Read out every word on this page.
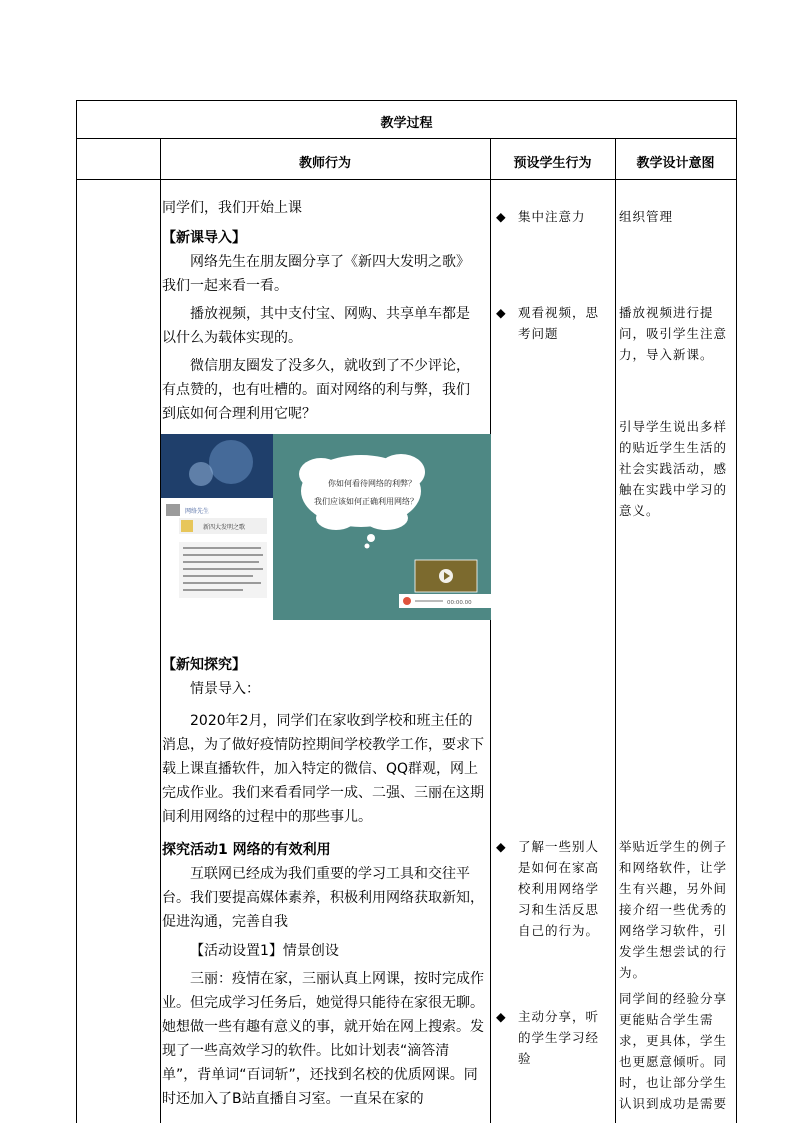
教学过程
教师行为	预设学生行为	教学设计意图

同学们，我们开始上课

【新课导入】

网络先生在朋友圈分享了《新四大发明之歌》我们一起来看一看。

播放视频，其中支付宝、网购、共享单车都是以什么为载体实现的。

微信朋友圈发了没多久，就收到了不少评论，有点赞的，也有吐槽的。面对网络的利与弊，我们到底如何合理利用它呢？

网络先生
新四大发明之歌
你如何看待网络的利弊？
我们应该如何正确利用网络？
00:00.00

【新知探究】

情景导入：

2020年2月，同学们在家收到学校和班主任的消息，为了做好疫情防控期间学校教学工作，要求下载上课直播软件，加入特定的微信、QQ群观，网上完成作业。我们来看看同学一成、二强、三丽在这期间利用网络的过程中的那些事儿。

探究活动1 网络的有效利用

互联网已经成为我们重要的学习工具和交往平台。我们要提高媒体素养，积极利用网络获取新知，促进沟通，完善自我

【活动设置1】情景创设

三丽：疫情在家，三丽认真上网课，按时完成作业。但完成学习任务后，她觉得只能待在家很无聊。她想做一些有趣有意义的事，就开始在网上搜索。发现了一些高效学习的软件。比如计划表“滴答清单”，背单词“百词斩”，还找到名校的优质网课。同时还加入了B站直播自习室。一直呆在家的

◆ 集中注意力
◆ 观看视频，思考问题
◆ 了解一些别人是如何在家高校利用网络学习和生活反思自己的行为。
◆ 主动分享，听的学生学习经验
组织管理
播放视频进行提问，吸引学生注意力，导入新课。
引导学生说出多样的贴近学生生活的社会实践活动，感触在实践中学习的意义。
举贴近学生的例子和网络软件，让学生有兴趣，另外间接介绍一些优秀的网络学习软件，引发学生想尝试的行为。
同学间的经验分享更能贴合学生需求，更具体，学生也更愿意倾听。同时，也让部分学生认识到成功是需要
